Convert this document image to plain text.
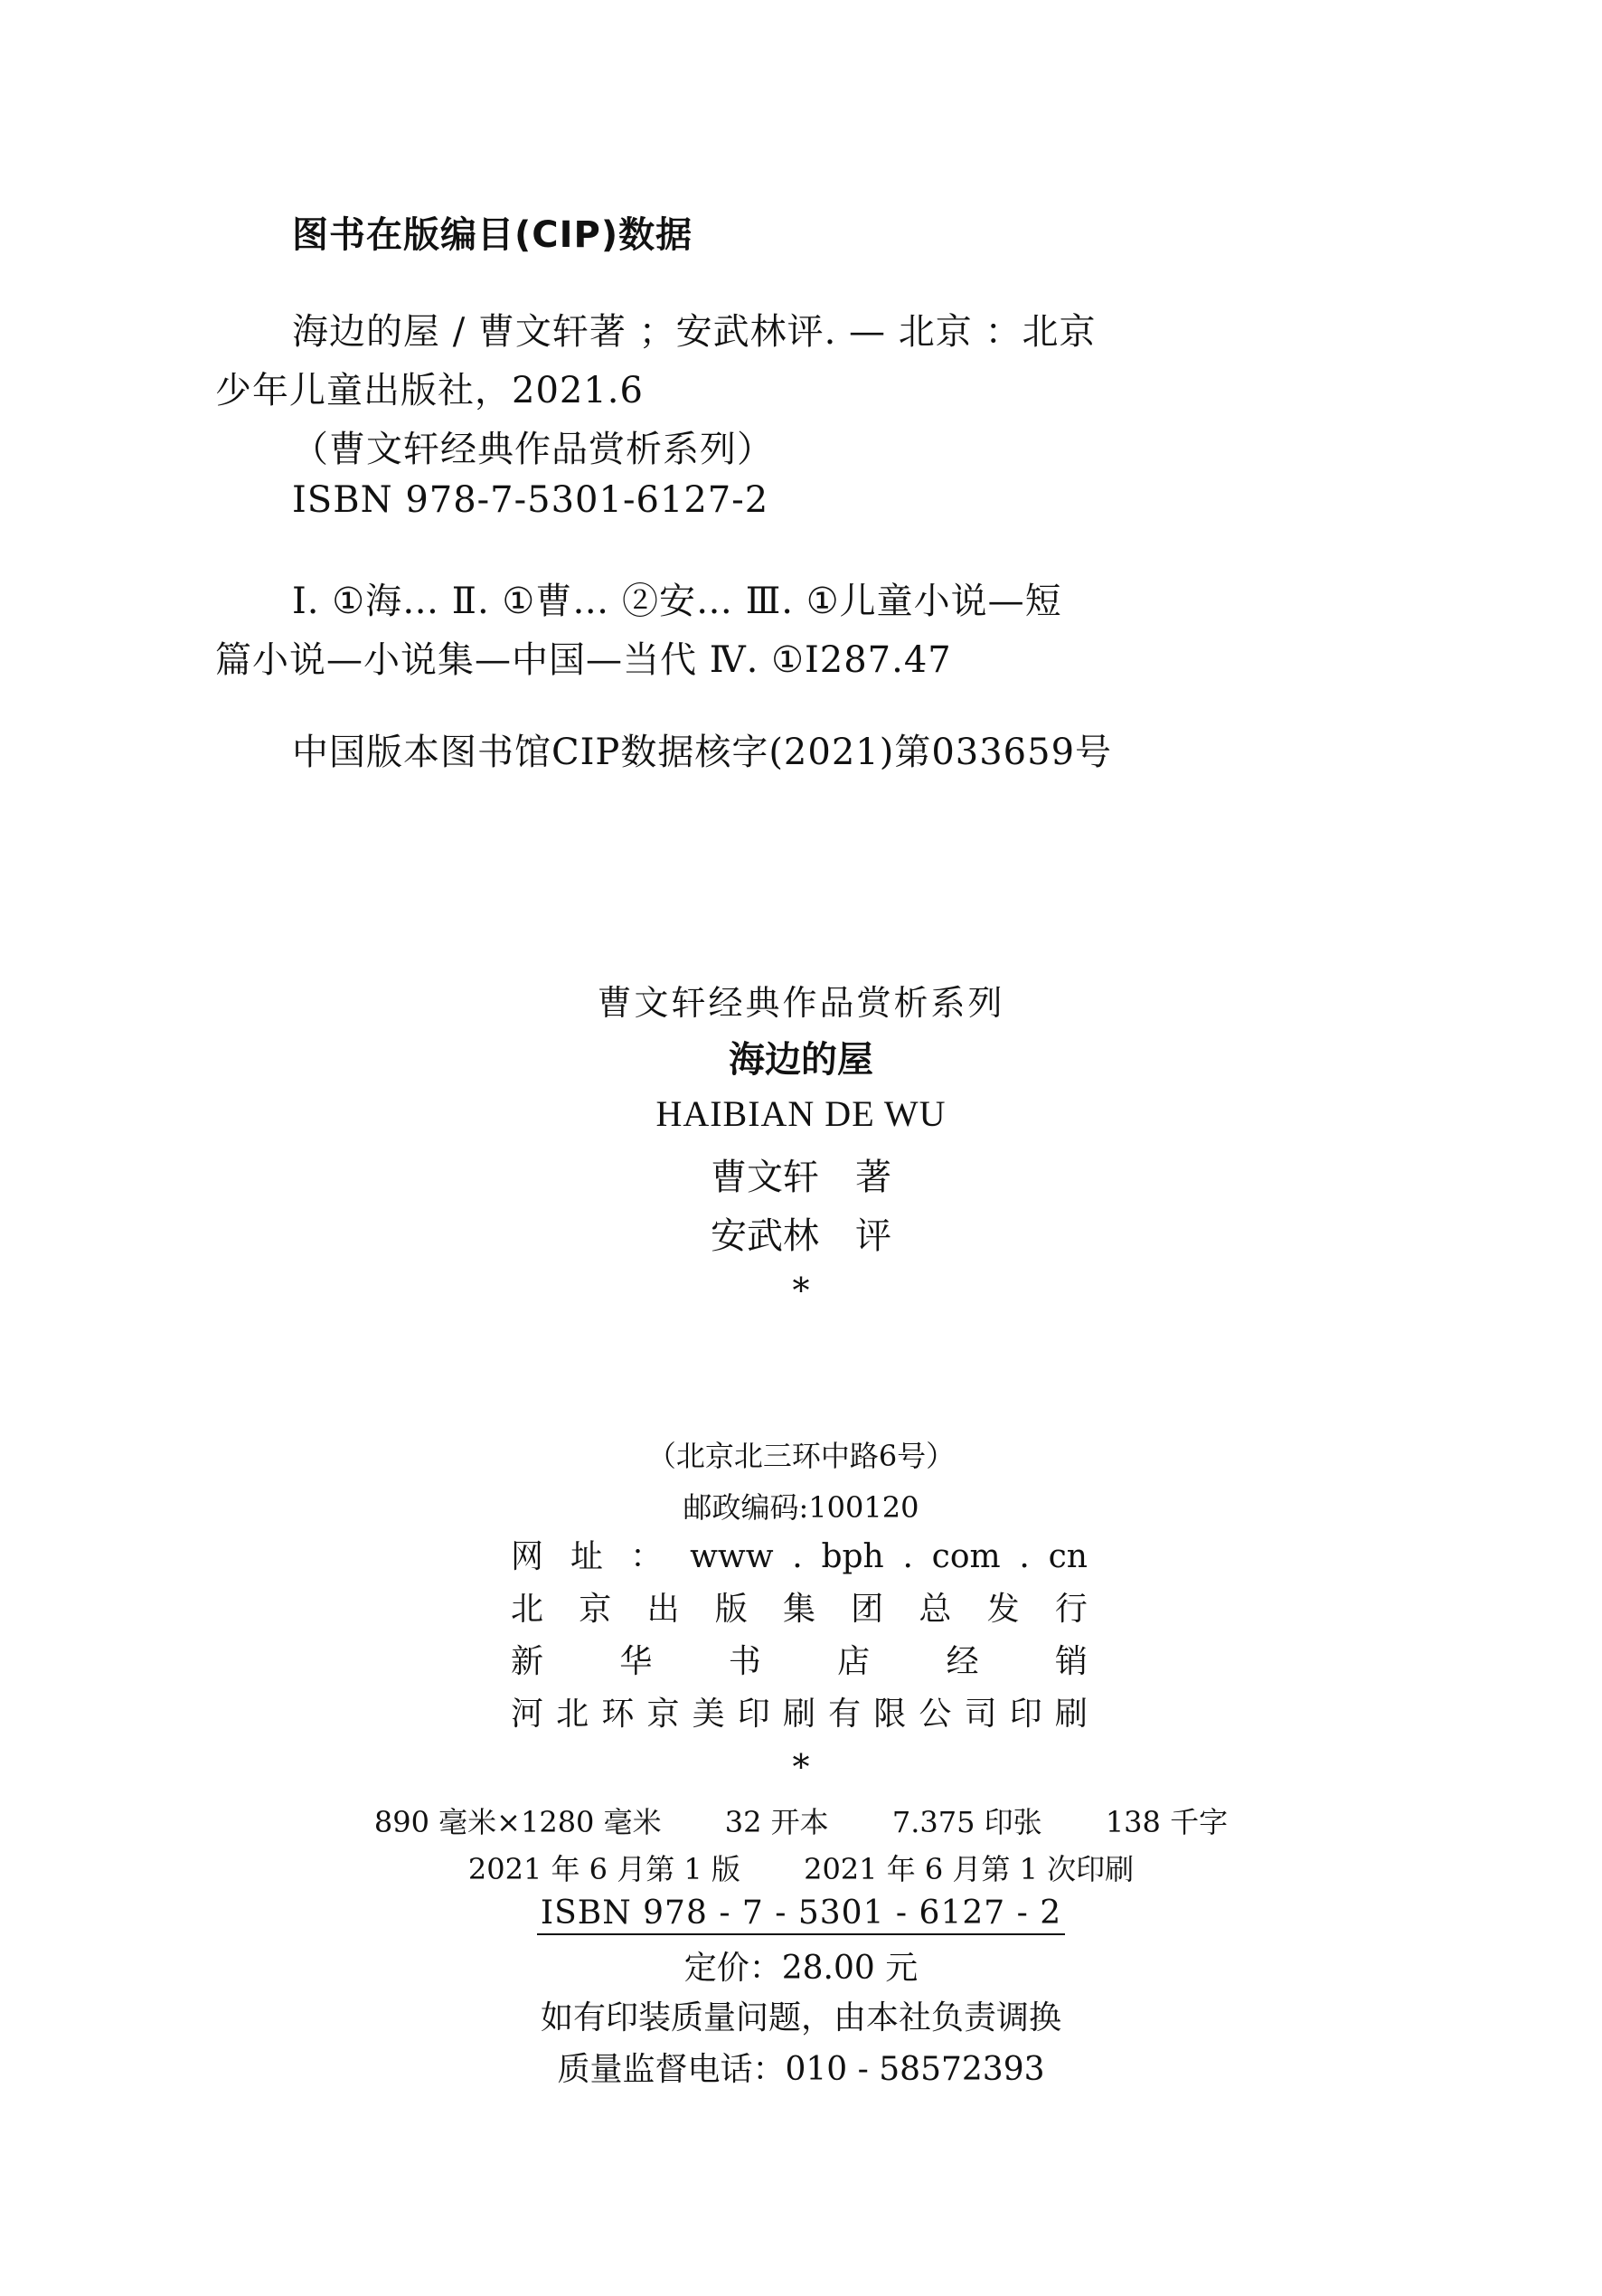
图书在版编目(CIP)数据
海边的屋 / 曹文轩著 ；安武林评. — 北京 ：北京
少年儿童出版社，2021.6
（曹文轩经典作品赏析系列）
ISBN 978-7-5301-6127-2
Ⅰ. ①海… Ⅱ. ①曹… ②安… Ⅲ. ①儿童小说—短
篇小说—小说集—中国—当代 Ⅳ. ①I287.47
中国版本图书馆CIP数据核字(2021)第033659号
曹文轩经典作品赏析系列
海边的屋
HAIBIAN DE WU
曹文轩　著
安武林　评
*
（北京北三环中路6号）
邮政编码:100120
网 址 ： www . bph . com . cn
北 京 出 版 集 团 总 发 行
新 华 书 店 经 销
河 北 环 京 美 印 刷 有 限 公 司 印 刷
*
890 毫米×1280 毫米 32 开本 7.375 印张 138 千字
2021 年 6 月第 1 版 2021 年 6 月第 1 次印刷
ISBN 978 - 7 - 5301 - 6127 - 2
定价：28.00 元
如有印装质量问题，由本社负责调换
质量监督电话：010 - 58572393
